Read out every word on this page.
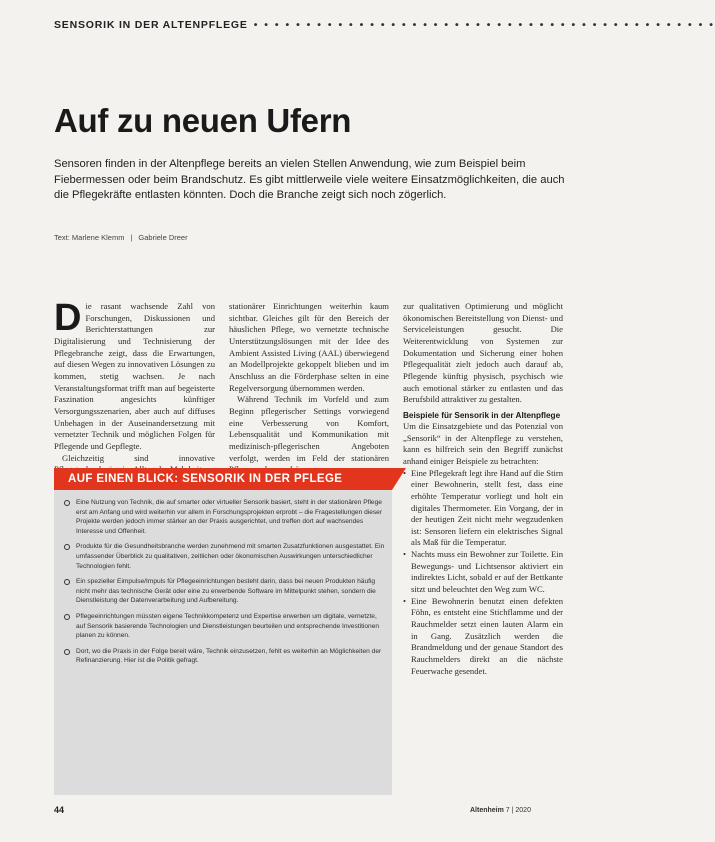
SENSORIK IN DER ALTENPFLEGE • • • • • • • • • • • • • • • • • • • • • • • • • • • • • • • • • • • • • • • • • • • •
Auf zu neuen Ufern
Sensoren finden in der Altenpflege bereits an vielen Stellen Anwendung, wie zum Beispiel beim Fiebermessen oder beim Brandschutz. Es gibt mittlerweile viele weitere Einsatzmöglichkeiten, die auch die Pflegekräfte entlasten könnten. Doch die Branche zeigt sich noch zögerlich.
Text: Marlene Klemm | Gabriele Dreer

Die rasant wachsende Zahl von Forschungen, Diskussionen und Berichterstattungen zur Digitalisierung und Technisierung der Pflegebranche zeigt, dass die Erwartungen, auf diesen Wegen zu innovativen Lösungen zu kommen, stetig wachsen. Je nach Veranstaltungsformat trifft man auf begeisterte Faszination angesichts künftiger Versorgungsszenarien, aber auch auf diffuses Unbehagen in der Auseinandersetzung mit vernetzter Technik und möglichen Folgen für Pflegende und Gepflegte.

Gleichzeitig sind innovative

stationärer Einrichtungen weiterhin kaum sichtbar. Gleiches gilt für den Bereich der häuslichen Pflege, wo vernetzte technische Unterstützungslösungen mit der Idee des Ambient Assisted Living (AAL) überwiegend an Modellprojekte gekoppelt blieben und im Anschluss an die Förderphase selten in eine Regelversorgung übernommen werden.

Während Technik im Vorfeld und zum Beginn pflegerischer Settings vorwiegend eine Verbesserung von Komfort, Lebensqualität und Kommunikation mit medizinisch-pflegerischen Angeboten verfolgt, werden im Feld der stationären

zur qualitativen Optimierung und möglicht ökonomischen Bereitstellung von Dienst- und Serviceleistungen gesucht. Die Weiterentwicklung von Systemen zur Dokumentation und Sicherung einer hohen Pflegequalität zielt jedoch auch darauf ab, Pflegende künftig physisch, psychisch wie auch emotional stärker zu entlasten und das Berufsbild attraktiver zu gestalten.

Beispiele für Sensorik in der Altenpflege

Um die Einsatzgebiete und das Potenzial von „Sensorik“ in der Altenpflege zu verstehen, kann es hilfreich sein den Begriff zunächst anhand einiger Beispiele zu betrachten:

• Eine Pflegekraft legt ihre Hand auf die Stirn einer Bewohnerin, stellt fest, dass eine erhöhte Temperatur vorliegt und holt ein digitales Thermometer. Ein Vorgang, der in der heutigen Zeit nicht mehr wegzudenken ist: Sensoren liefern ein elektrisches Signal als Maß für die Temperatur.
• Nachts muss ein Bewohner zur Toilette. Ein Bewegungs- und Lichtsensor aktiviert ein indirektes Licht, sobald er auf der Bettkante sitzt und beleuchtet den Weg zum WC.
• Eine Bewohnerin benutzt einen defekten Föhn, es entsteht eine Stichflamme und der Rauchmelder setzt einen lauten Alarm ein in Gang. Zusätzlich werden die Brandmeldung und der genaue Standort des Rauchmelders direkt an die nächste Feuerwache gesendet.
AUF EINEN BLICK: SENSORIK IN DER PFLEGE
Eine Nutzung von Technik, die auf smarter oder virtueller Sensorik basiert, steht in der stationären Pflege erst am Anfang und wird weiterhin vor allem in Forschungsprojekten erprobt – die Fragestellungen dieser Projekte werden jedoch immer stärker an der Praxis ausgerichtet, und treffen dort auf wachsendes Interesse und Offenheit.
Produkte für die Gesundheitsbranche werden zunehmend mit smarten Zusatzfunktionen ausgestattet. Ein umfassender Überblick zu qualitativen, zeitlichen oder ökonomischen Auswirkungen unterschiedlicher Technologien fehlt.
Ein spezieller Eimpulse/Impuls für Pflegeeinrichtungen besteht darin, dass bei neuen Produkten häufig nicht mehr das technische Gerät oder eine zu erwerbende Software im Mittelpunkt stehen, sondern die Dienstleistung der Datenverarbeitung und Aufbereitung.
Pflegeeinrichtungen müssten eigene Technikkompetenz und Expertise erwerben um digitale, vernetzte, auf Sensorik basierende Technologien und Dienstleistungen beurteilen und entsprechende Investitionen planen zu können.
Dort, wo die Praxis in der Folge bereit wäre, Technik einzusetzen, fehlt es weiterhin an Möglichkeiten der Refinanzierung. Hier ist die Politik gefragt.
44	Altenheim 7 | 2020
